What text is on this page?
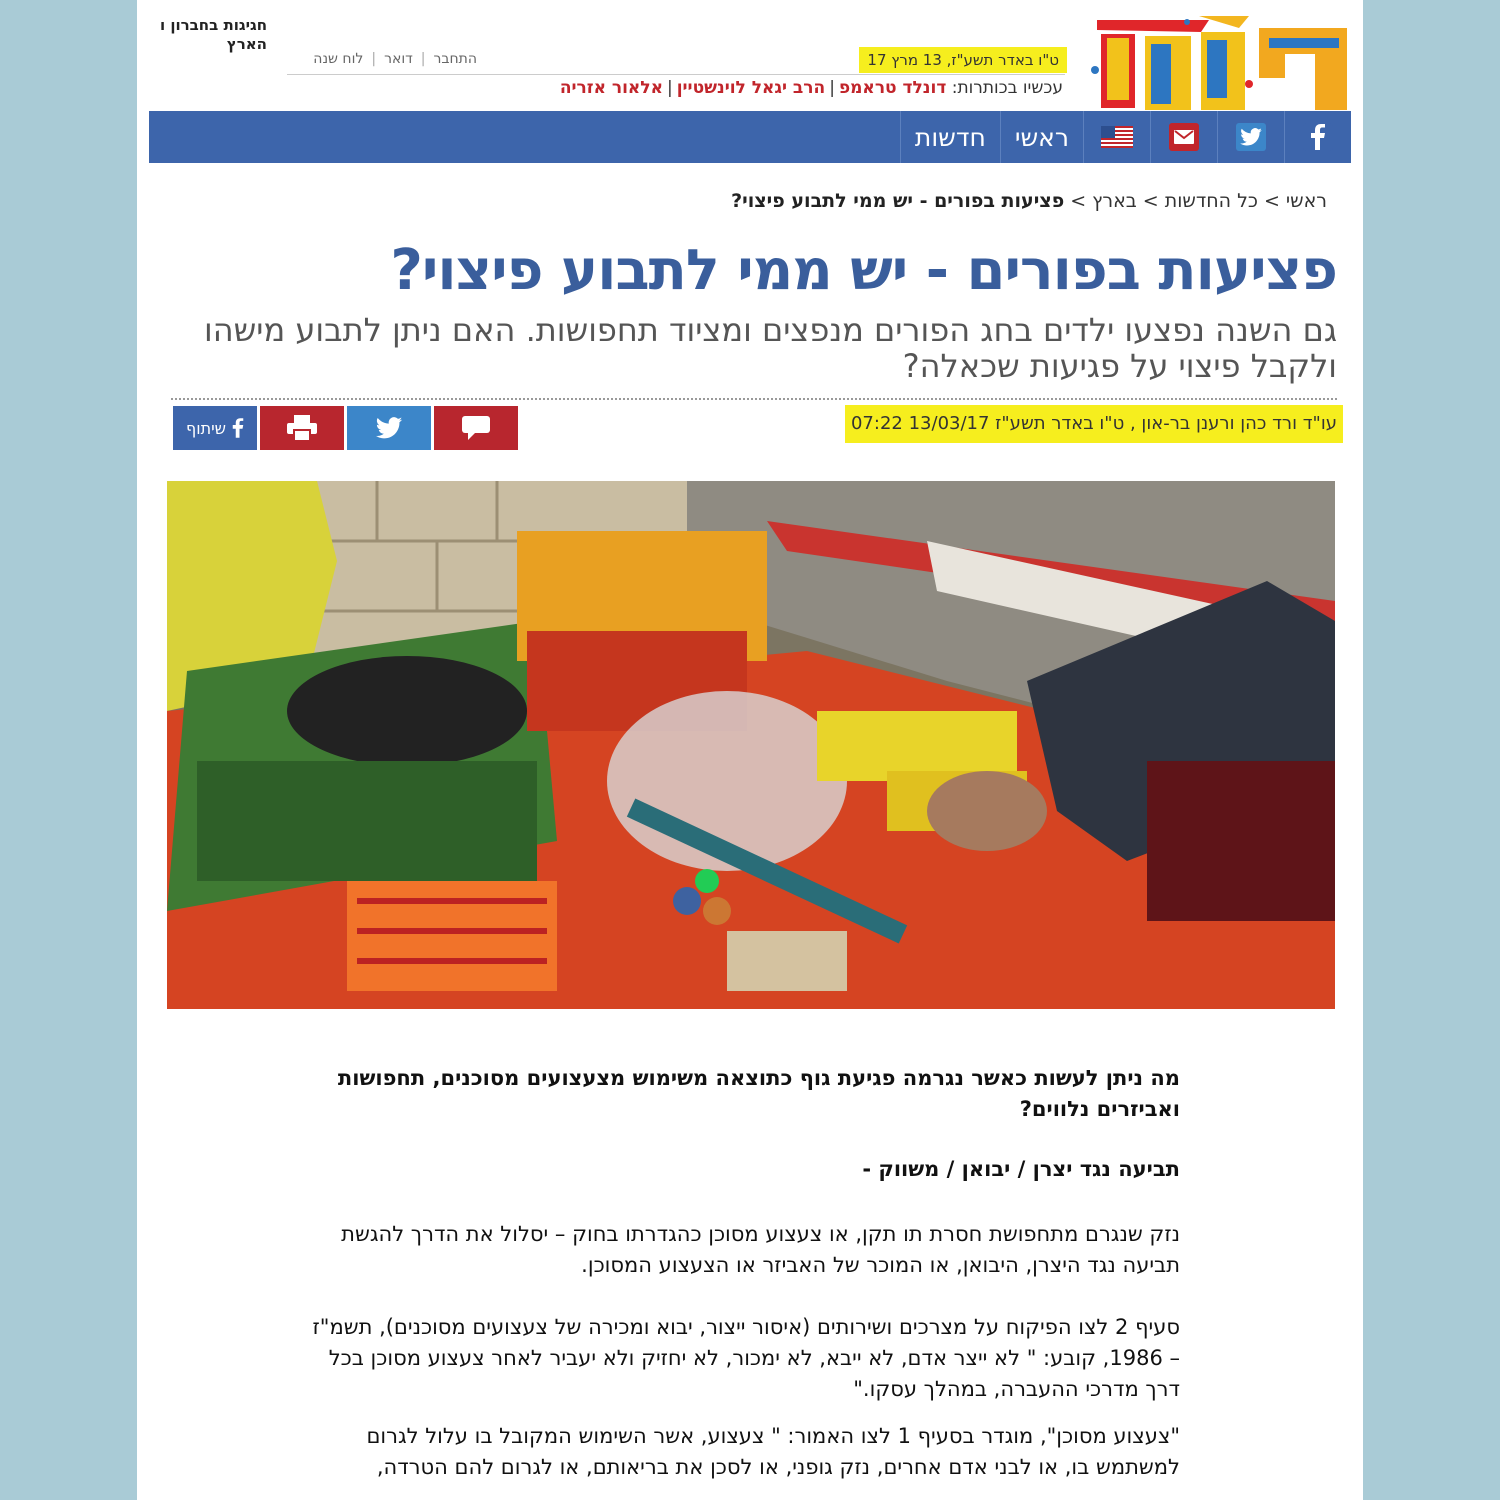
חגיגות בחברון ו הארץ
התחבר
|
דואר
|
לוח שנה	ט"ו באדר תשע"ז, 13 מרץ 17
עכשיו בכותרות: דונלד טראמפ|הרב יגאל לוינשטיין|אלאור אזריה
ראשי
חדשות
ראשי>כל החדשות>בארץ>פציעות בפורים - יש ממי לתבוע פיצוי?
פציעות בפורים - יש ממי לתבוע פיצוי?

גם השנה נפצעו ילדים בחג הפורים מנפצים ומציוד תחפושות. האם ניתן לתבוע מישהו ולקבל פיצוי על פגיעות שכאלה?

עו"ד ורד כהן ורענן בר-און , ט"ו באדר תשע"ז 13/03/17 07:22
שיתוף

מה ניתן לעשות כאשר נגרמה פגיעת גוף כתוצאה משימוש מצעצועים מסוכנים, תחפושות ואביזרים נלווים?

תביעה נגד יצרן / יבואן / משווק -

נזק שנגרם מתחפושת חסרת תו תקן, או צעצוע מסוכן כהגדרתו בחוק – יסלול את הדרך להגשת תביעה נגד היצרן, היבואן, או המוכר של האביזר או הצעצוע המסוכן.

סעיף 2 לצו הפיקוח על מצרכים ושירותים (איסור ייצור, יבוא ומכירה של צעצועים מסוכנים), תשמ"ז – 1986, קובע: " לא ייצר אדם, לא ייבא, לא ימכור, לא יחזיק ולא יעביר לאחר צעצוע מסוכן בכל דרך מדרכי ההעברה, במהלך עסקו."

"צעצוע מסוכן", מוגדר בסעיף 1 לצו האמור: " צעצוע, אשר השימוש המקובל בו עלול לגרום למשתמש בו, או לבני אדם אחרים, נזק גופני, או לסכן את בריאותם, או לגרום להם הטרדה,
